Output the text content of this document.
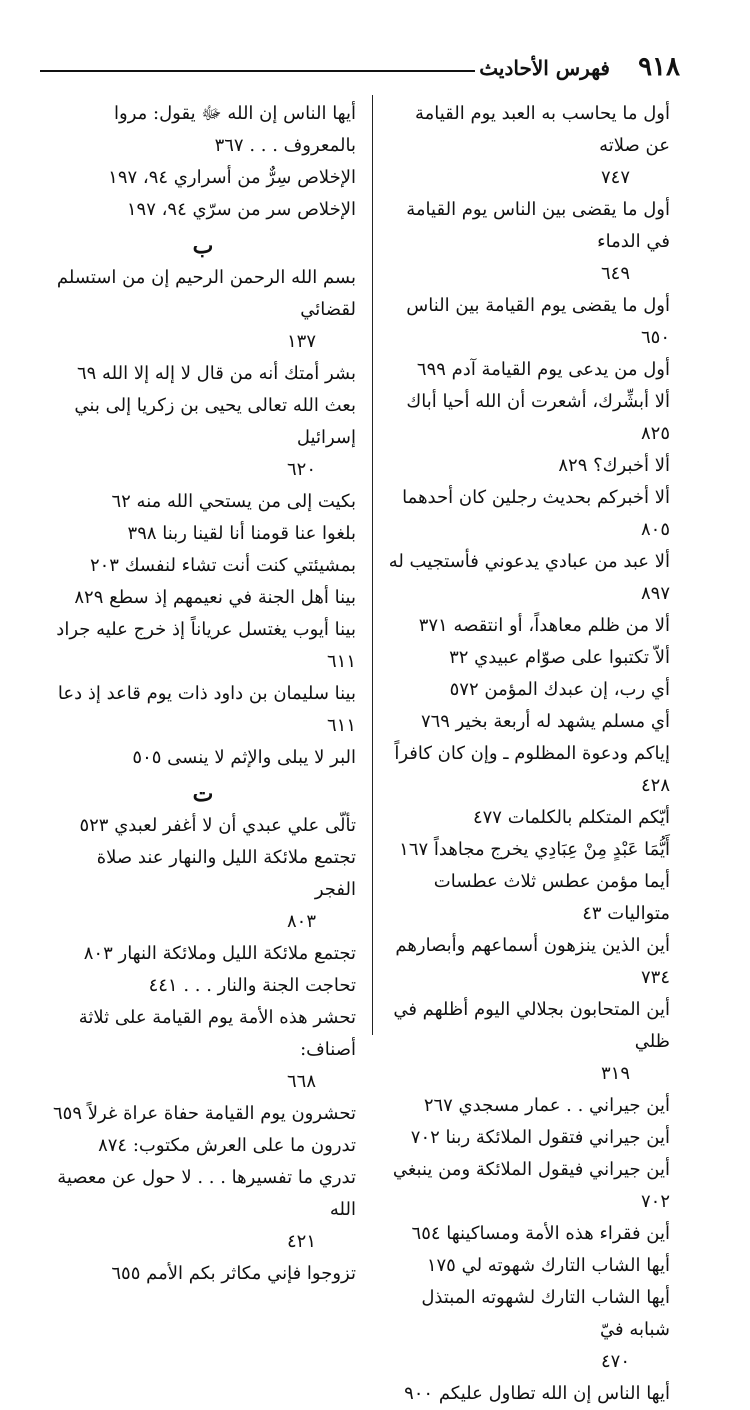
٩١٨
فهرس الأحاديث
أول ما يحاسب به العبد يوم القيامة عن صلاته
٧٤٧
أول ما يقضى بين الناس يوم القيامة في الدماء
٦٤٩
أول ما يقضى يوم القيامة بين الناس ٦٥٠
أول من يدعى يوم القيامة آدم ٦٩٩
ألا أبشِّرك، أشعرت أن الله أحيا أباك ٨٢٥
ألا أخبرك؟ ٨٢٩
ألا أخبركم بحديث رجلين كان أحدهما ٨٠٥
ألا عبد من عبادي يدعوني فأستجيب له ٨٩٧
ألا من ظلم معاهداً، أو انتقصه ٣٧١
ألاّ تكتبوا على صوّام عبيدي ٣٢
أي رب، إن عبدك المؤمن ٥٧٢
أي مسلم يشهد له أربعة بخير ٧٦٩
إياكم ودعوة المظلوم ـ وإن كان كافراً ٤٢٨
أيّكم المتكلم بالكلمات ٤٧٧
أَيُّمَا عَبْدٍ مِنْ عِبَادِي يخرج مجاهداً ١٦٧
أيما مؤمن عطس ثلاث عطسات متواليات ٤٣
أين الذين ينزهون أسماعهم وأبصارهم ٧٣٤
أين المتحابون بجلالي اليوم أظلهم في ظلي
٣١٩
أين جيراني . . عمار مسجدي ٢٦٧
أين جيراني فتقول الملائكة ربنا ٧٠٢
أين جيراني فيقول الملائكة ومن ينبغي ٧٠٢
أين فقراء هذه الأمة ومساكينها ٦٥٤
أيها الشاب التارك شهوته لي ١٧٥
أيها الشاب التارك لشهوته المبتذل شبابه فيّ
٤٧٠
أيها الناس إن الله تطاول عليكم ٩٠٠
أيها الناس إن الله ﷻ يقول: مروا بالمعروف . . . ٣٦٧
الإخلاص سِرٌّ من أسراري ٩٤، ١٩٧
الإخلاص سر من سرّي ٩٤، ١٩٧
ب
بسم الله الرحمن الرحيم إن من استسلم لقضائي
١٣٧
بشر أمتك أنه من قال لا إله إلا الله ٦٩
بعث الله تعالى يحيى بن زكريا إلى بني إسرائيل
٦٢٠
بكيت إلى من يستحي الله منه ٦٢
بلغوا عنا قومنا أنا لقينا ربنا ٣٩٨
بمشيئتي كنت أنت تشاء لنفسك ٢٠٣
بينا أهل الجنة في نعيمهم إذ سطع ٨٢٩
بينا أيوب يغتسل عرياناً إذ خرج عليه جراد ٦١١
بينا سليمان بن داود ذات يوم قاعد إذ دعا ٦١١
البر لا يبلى والإثم لا ينسى ٥٠٥
ت
تألّى علي عبدي أن لا أغفر لعبدي ٥٢٣
تجتمع ملائكة الليل والنهار عند صلاة الفجر
٨٠٣
تجتمع ملائكة الليل وملائكة النهار ٨٠٣
تحاجت الجنة والنار . . . ٤٤١
تحشر هذه الأمة يوم القيامة على ثلاثة أصناف:
٦٦٨
تحشرون يوم القيامة حفاة عراة غرلاً ٦٥٩
تدرون ما على العرش مكتوب: ٨٧٤
تدري ما تفسيرها . . . لا حول عن معصية الله
٤٢١
تزوجوا فإني مكاثر بكم الأمم ٦٥٥
